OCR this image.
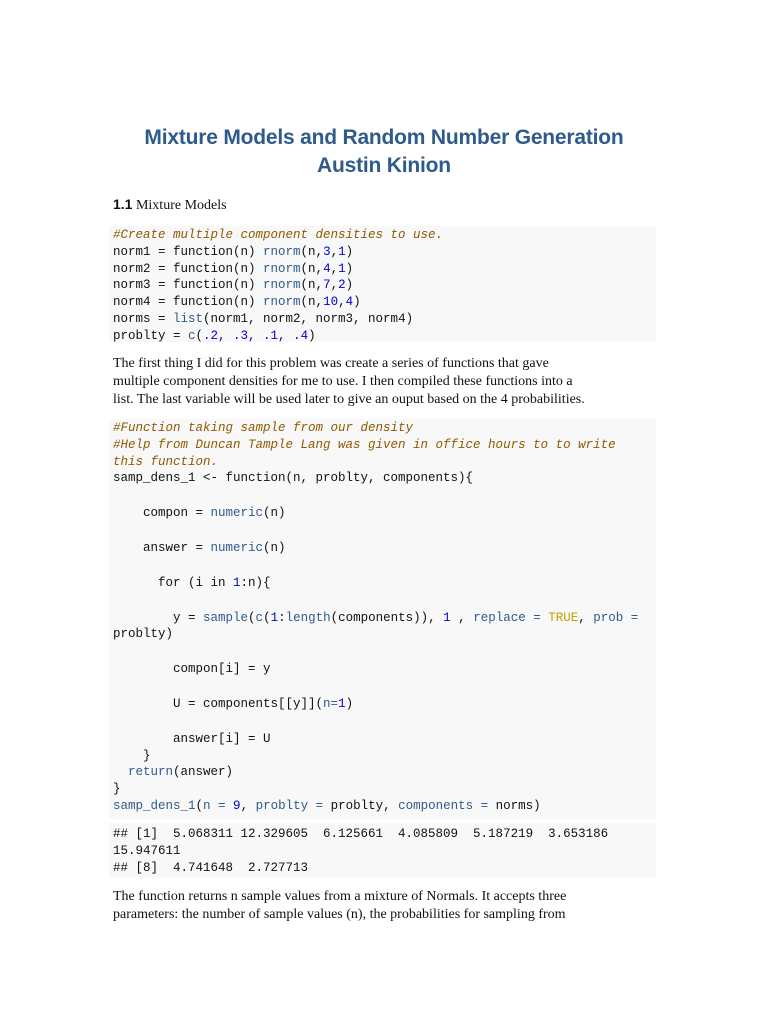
Mixture Models and Random Number Generation
Austin Kinion
1.1 Mixture Models
#Create multiple component densities to use.
norm1 = function(n) rnorm(n,3,1)
norm2 = function(n) rnorm(n,4,1)
norm3 = function(n) rnorm(n,7,2)
norm4 = function(n) rnorm(n,10,4)
norms = list(norm1, norm2, norm3, norm4)
problty = c(.2, .3, .1, .4)
The first thing I did for this problem was create a series of functions that gave
multiple component densities for me to use. I then compiled these functions into a
list. The last variable will be used later to give an ouput based on the 4 probabilities.
#Function taking sample from our density
#Help from Duncan Tample Lang was given in office hours to to write
this function.
samp_dens_1 <- function(n, problty, components){
compon = numeric(n)
answer = numeric(n)
for (i in 1:n){
y = sample(c(1:length(components)), 1 , replace = TRUE, prob =
problty)
compon[i] = y
U = components[[y]](n=1)
answer[i] = U
}
return(answer)
}
samp_dens_1(n = 9, problty = problty, components = norms)
## [1]  5.068311 12.329605  6.125661  4.085809  5.187219  3.653186
15.947611
## [8]  4.741648  2.727713
The function returns n sample values from a mixture of Normals. It accepts three
parameters: the number of sample values (n), the probabilities for sampling from
